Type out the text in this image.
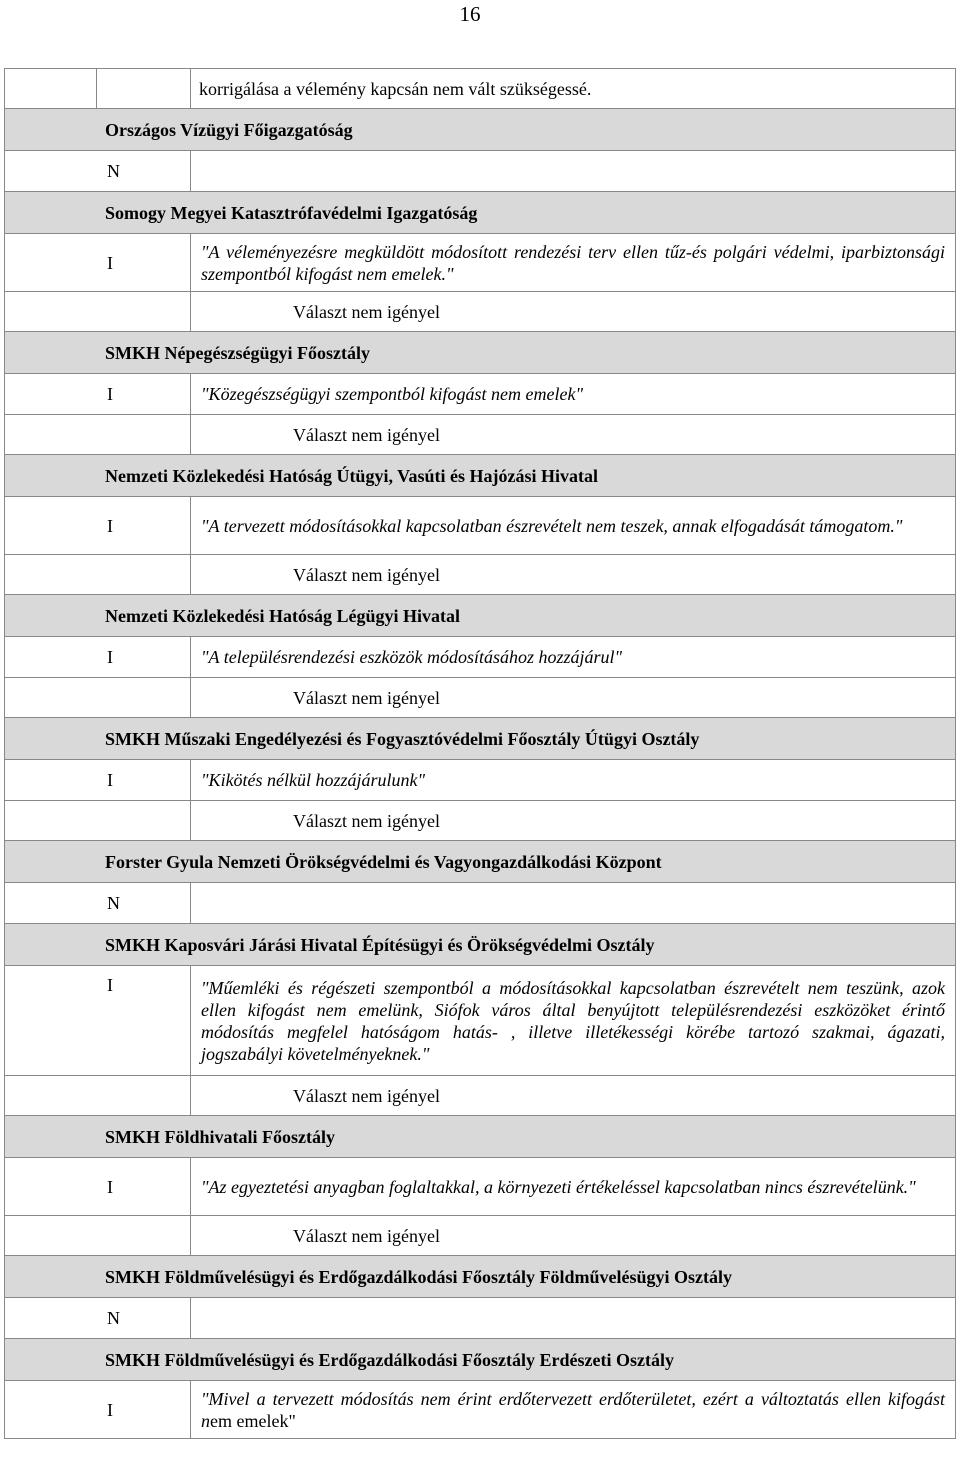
16
		korrigálása a vélemény kapcsán nem vált szükségessé.
Országos Vízügyi Főigazgatóság		
N		
Somogy Megyei Katasztrófavédelmi Igazgatóság		
I		"A véleményezésre megküldött módosított rendezési terv ellen tűz-és polgári védelmi, iparbiztonsági szempontból kifogást nem emelek."
		Választ nem igényel
SMKH Népegészségügyi Főosztály		
I		"Közegészségügyi szempontból kifogást nem emelek"
		Választ nem igényel
Nemzeti Közlekedési Hatóság Útügyi, Vasúti és Hajózási Hivatal		
I		"A tervezett módosításokkal kapcsolatban észrevételt nem teszek, annak elfogadását támogatom."
		Választ nem igényel
Nemzeti Közlekedési Hatóság Légügyi Hivatal		
I		"A településrendezési eszközök módosításához hozzájárul"
		Választ nem igényel
SMKH Műszaki Engedélyezési és Fogyasztóvédelmi Főosztály Útügyi Osztály		
I		"Kikötés nélkül hozzájárulunk"
		Választ nem igényel
Forster Gyula Nemzeti Örökségvédelmi és Vagyongazdálkodási Központ		
N		
SMKH Kaposvári Járási Hivatal Építésügyi és Örökségvédelmi Osztály		
I		"Műemléki és régészeti szempontból a módosításokkal kapcsolatban észrevételt nem teszünk, azok ellen kifogást nem emelünk, Siófok város által benyújtott településrendezési eszközöket érintő módosítás megfelel hatóságom hatás- , illetve illetékességi körébe tartozó szakmai, ágazati, jogszabályi követelményeknek."
		Választ nem igényel
SMKH Földhivatali Főosztály		
I		"Az egyeztetési anyagban foglaltakkal, a környezeti értékeléssel kapcsolatban nincs észrevételünk."
		Választ nem igényel
SMKH Földművelésügyi és Erdőgazdálkodási Főosztály Földművelésügyi Osztály		
N		
SMKH Földművelésügyi és Erdőgazdálkodási Főosztály Erdészeti Osztály		
I		"Mivel a tervezett módosítás nem érint erdőtervezett erdőterületet, ezért a változtatás ellen kifogást nem emelek"
